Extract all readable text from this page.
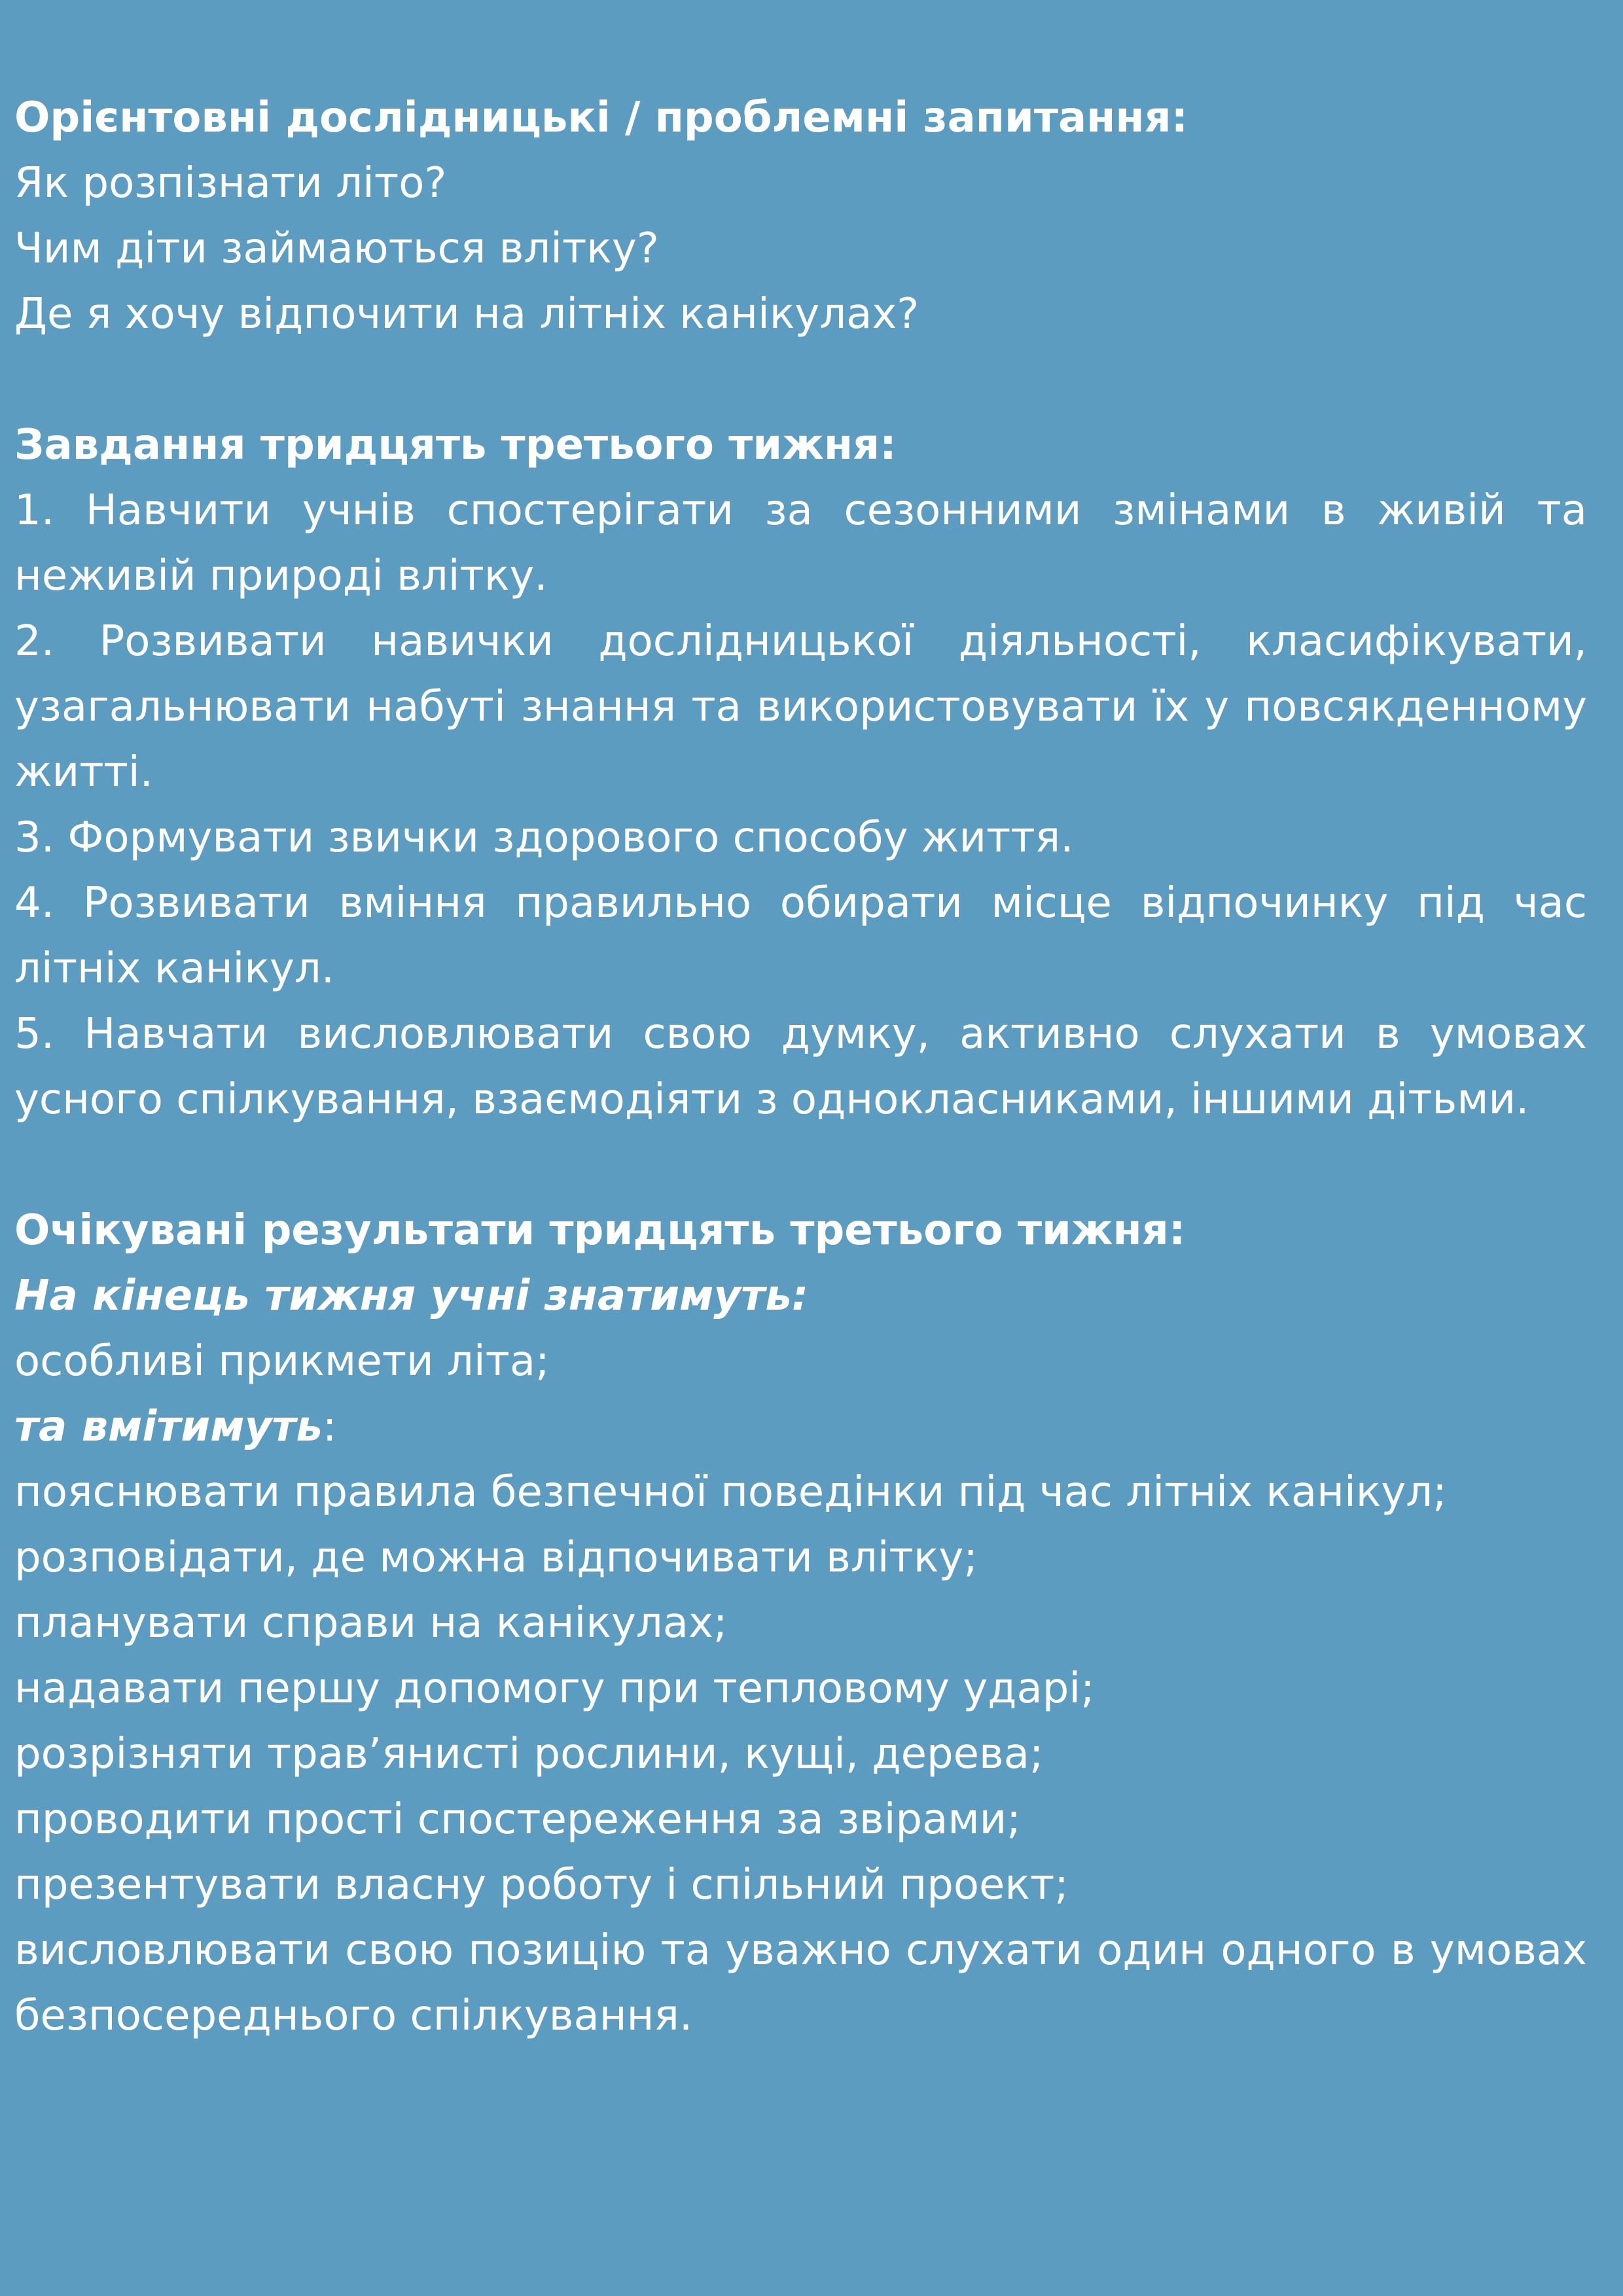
Орієнтовні дослідницькі / проблемні запитання:

Як розпізнати літо?

Чим діти займаються влітку?

Де я хочу відпочити на літніх канікулах?

Завдання тридцять третього тижня:

1. Навчити учнів спостерігати за сезонними змінами в живій та неживій природі влітку.

2. Розвивати навички дослідницької діяльності, класифікувати, узагальнювати набуті знання та використовувати їх у повсякденному житті.

3. Формувати звички здорового способу життя.

4. Розвивати вміння правильно обирати місце відпочинку під час літніх канікул.

5. Навчати висловлювати свою думку, активно слухати в умовах усного спілкування, взаємодіяти з однокласниками, іншими дітьми.

Очікувані результати тридцять третього тижня:

На кінець тижня учні знатимуть:

особливі прикмети літа;

та вмітимуть:

пояснювати правила безпечної поведінки під час літніх канікул;

розповідати, де можна відпочивати влітку;

планувати справи на канікулах;

надавати першу допомогу при тепловому ударі;

розрізняти трав’янисті рослини, кущі, дерева;

проводити прості спостереження за звірами;

презентувати власну роботу і спільний проект;

висловлювати свою позицію та уважно слухати один одного в умовах безпосереднього спілкування.
